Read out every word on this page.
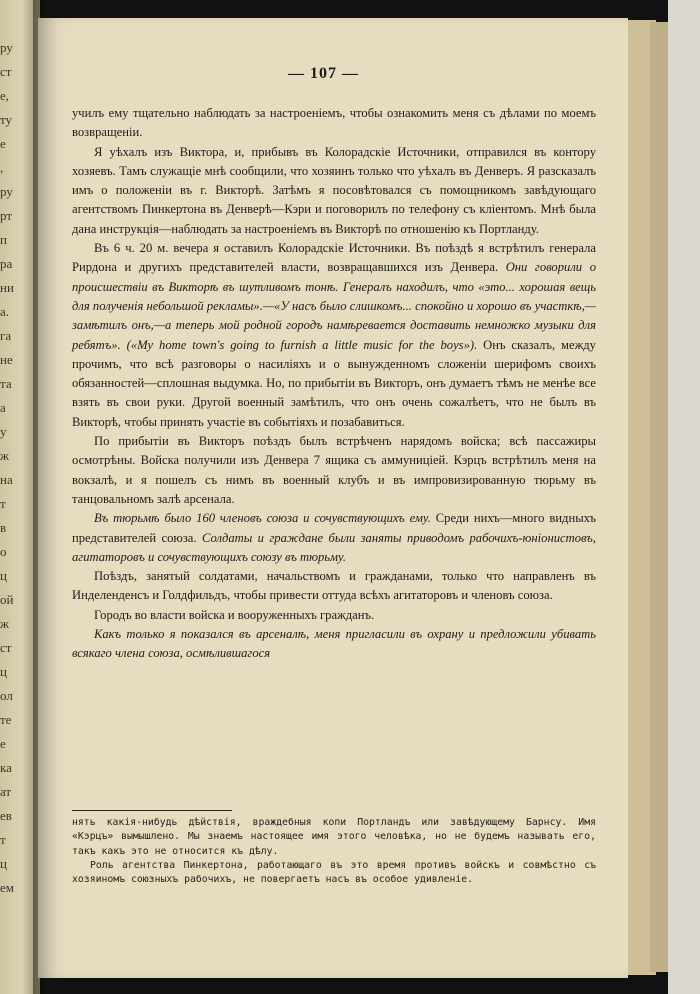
ру
ст
е,
ту
е
,
ру
рт
п
ра
ни
а.
га
не
та
а
у
ж
на
т
в
о
ц
ой
ж
ст
ц
ол
те
е
ка
ат
ев
т
ц
ем
— 107 —

училъ ему тщательно наблюдать за настроеніемъ, чтобы ознакомить меня съ дѣлами по моемъ возвращеніи.

Я уѣхалъ изъ Виктора, и, прибывъ въ Колорадскіе Источники, отправился въ контору хозяевъ. Тамъ служащіе мнѣ сообщили, что хозяинъ только что уѣхалъ въ Денверъ. Я разсказалъ имъ о положеніи въ г. Викторѣ. Затѣмъ я посовѣтовался съ помощникомъ завѣдующаго агентствомъ Пинкертона въ Денверѣ—Кэри и поговорилъ по телефону съ кліентомъ. Мнѣ была дана инструкція—наблюдать за настроеніемъ въ Викторѣ по отношенію къ Портланду.

Въ 6 ч. 20 м. вечера я оставилъ Колорадскіе Источники. Въ поѣздѣ я встрѣтилъ генерала Рирдона и другихъ представителей власти, возвращавшихся изъ Денвера. Они говорили о происшествіи въ Викторѣ въ шутливомъ тонѣ. Генералъ находилъ, что «это... хорошая вещь для полученія небольшой рекламы».—«У насъ было слишкомъ... спокойно и хорошо въ участкѣ,—замѣтилъ онъ,—а теперь мой родной городъ намѣревается доставить немножко музыки для ребятъ». («My home town's going to furnish a little music for the boys»). Онъ сказалъ, между прочимъ, что всѣ разговоры о насиліяхъ и о вынужденномъ сложеніи шерифомъ своихъ обязанностей—сплошная выдумка. Но, по прибытіи въ Викторъ, онъ думаетъ тѣмъ не менѣе все взять въ свои руки. Другой военный замѣтилъ, что онъ очень сожалѣетъ, что не былъ въ Викторѣ, чтобы принять участіе въ событіяхъ и позабавиться.

По прибытіи въ Викторъ поѣздъ былъ встрѣченъ нарядомъ войска; всѣ пассажиры осмотрѣны. Войска получили изъ Денвера 7 ящика съ аммуниціей. Кэрцъ встрѣтилъ меня на вокзалѣ, и я пошелъ съ нимъ въ военный клубъ и въ импровизированную тюрьму въ танцовальномъ залѣ арсенала.

Въ тюрьмѣ было 160 членовъ союза и сочувствующихъ ему. Среди нихъ—много видныхъ представителей союза. Солдаты и граждане были заняты приводомъ рабочихъ-юніонистовъ, агитаторовъ и сочувствующихъ союзу въ тюрьму.

Поѣздъ, занятый солдатами, начальствомъ и гражданами, только что направленъ въ Инделенденсъ и Голдфильдъ, чтобы привести оттуда всѣхъ агитаторовъ и членовъ союза.

Городъ во власти войска и вооруженныхъ гражданъ.

Какъ только я показался въ арсеналѣ, меня пригласили въ охрану и предложили убивать всякаго члена союза, осмѣлившагося

нять какія-нибудь дѣйствія, враждебныя копи Портландъ или завѣдующему Барнсу. Имя «Кэрцъ» вымышлено. Мы знаемъ настоящее имя этого человѣка, но не будемъ называть его, такъ какъ это не относится къ дѣлу.

Роль агентства Пинкертона, работающаго въ это время противъ войскъ и совмѣстно съ хозяиномъ союзныхъ рабочихъ, не повергаетъ насъ въ особое удивленіе.
